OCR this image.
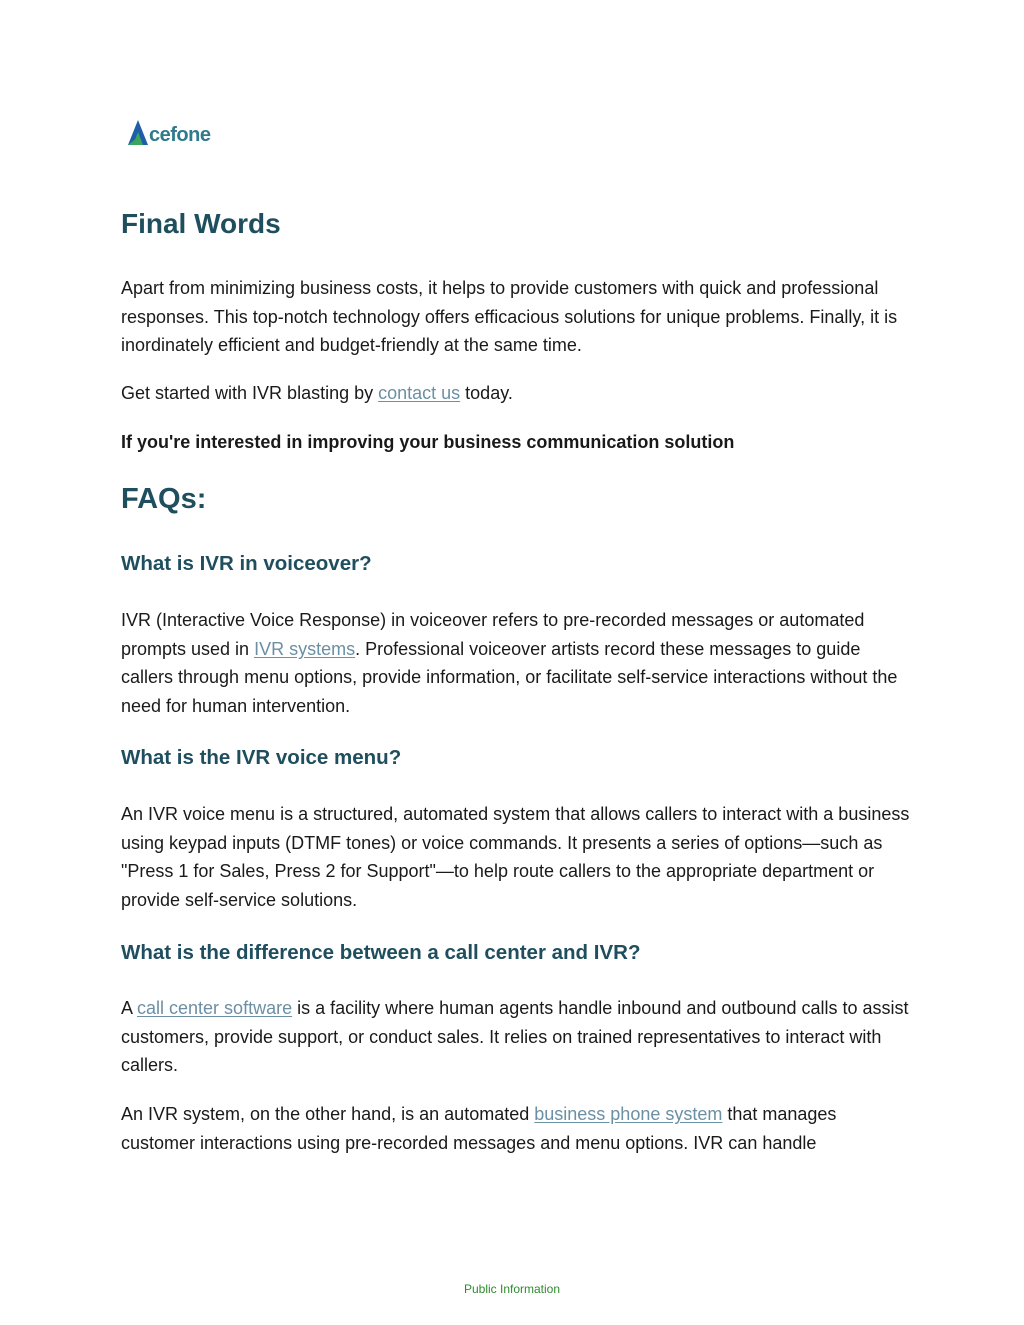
cefone
Final Words

Apart from minimizing business costs, it helps to provide customers with quick and professional responses. This top-notch technology offers efficacious solutions for unique problems. Finally, it is inordinately efficient and budget-friendly at the same time.

Get started with IVR blasting by contact us today.

If you're interested in improving your business communication solution

FAQs:
What is IVR in voiceover?

IVR (Interactive Voice Response) in voiceover refers to pre-recorded messages or automated prompts used in IVR systems. Professional voiceover artists record these messages to guide callers through menu options, provide information, or facilitate self-service interactions without the need for human intervention.

What is the IVR voice menu?

An IVR voice menu is a structured, automated system that allows callers to interact with a business using keypad inputs (DTMF tones) or voice commands. It presents a series of options—such as "Press 1 for Sales, Press 2 for Support"—to help route callers to the appropriate department or provide self-service solutions.

What is the difference between a call center and IVR?

A call center software is a facility where human agents handle inbound and outbound calls to assist customers, provide support, or conduct sales. It relies on trained representatives to interact with callers.

An IVR system, on the other hand, is an automated business phone system that manages customer interactions using pre-recorded messages and menu options. IVR can handle

Public Information
